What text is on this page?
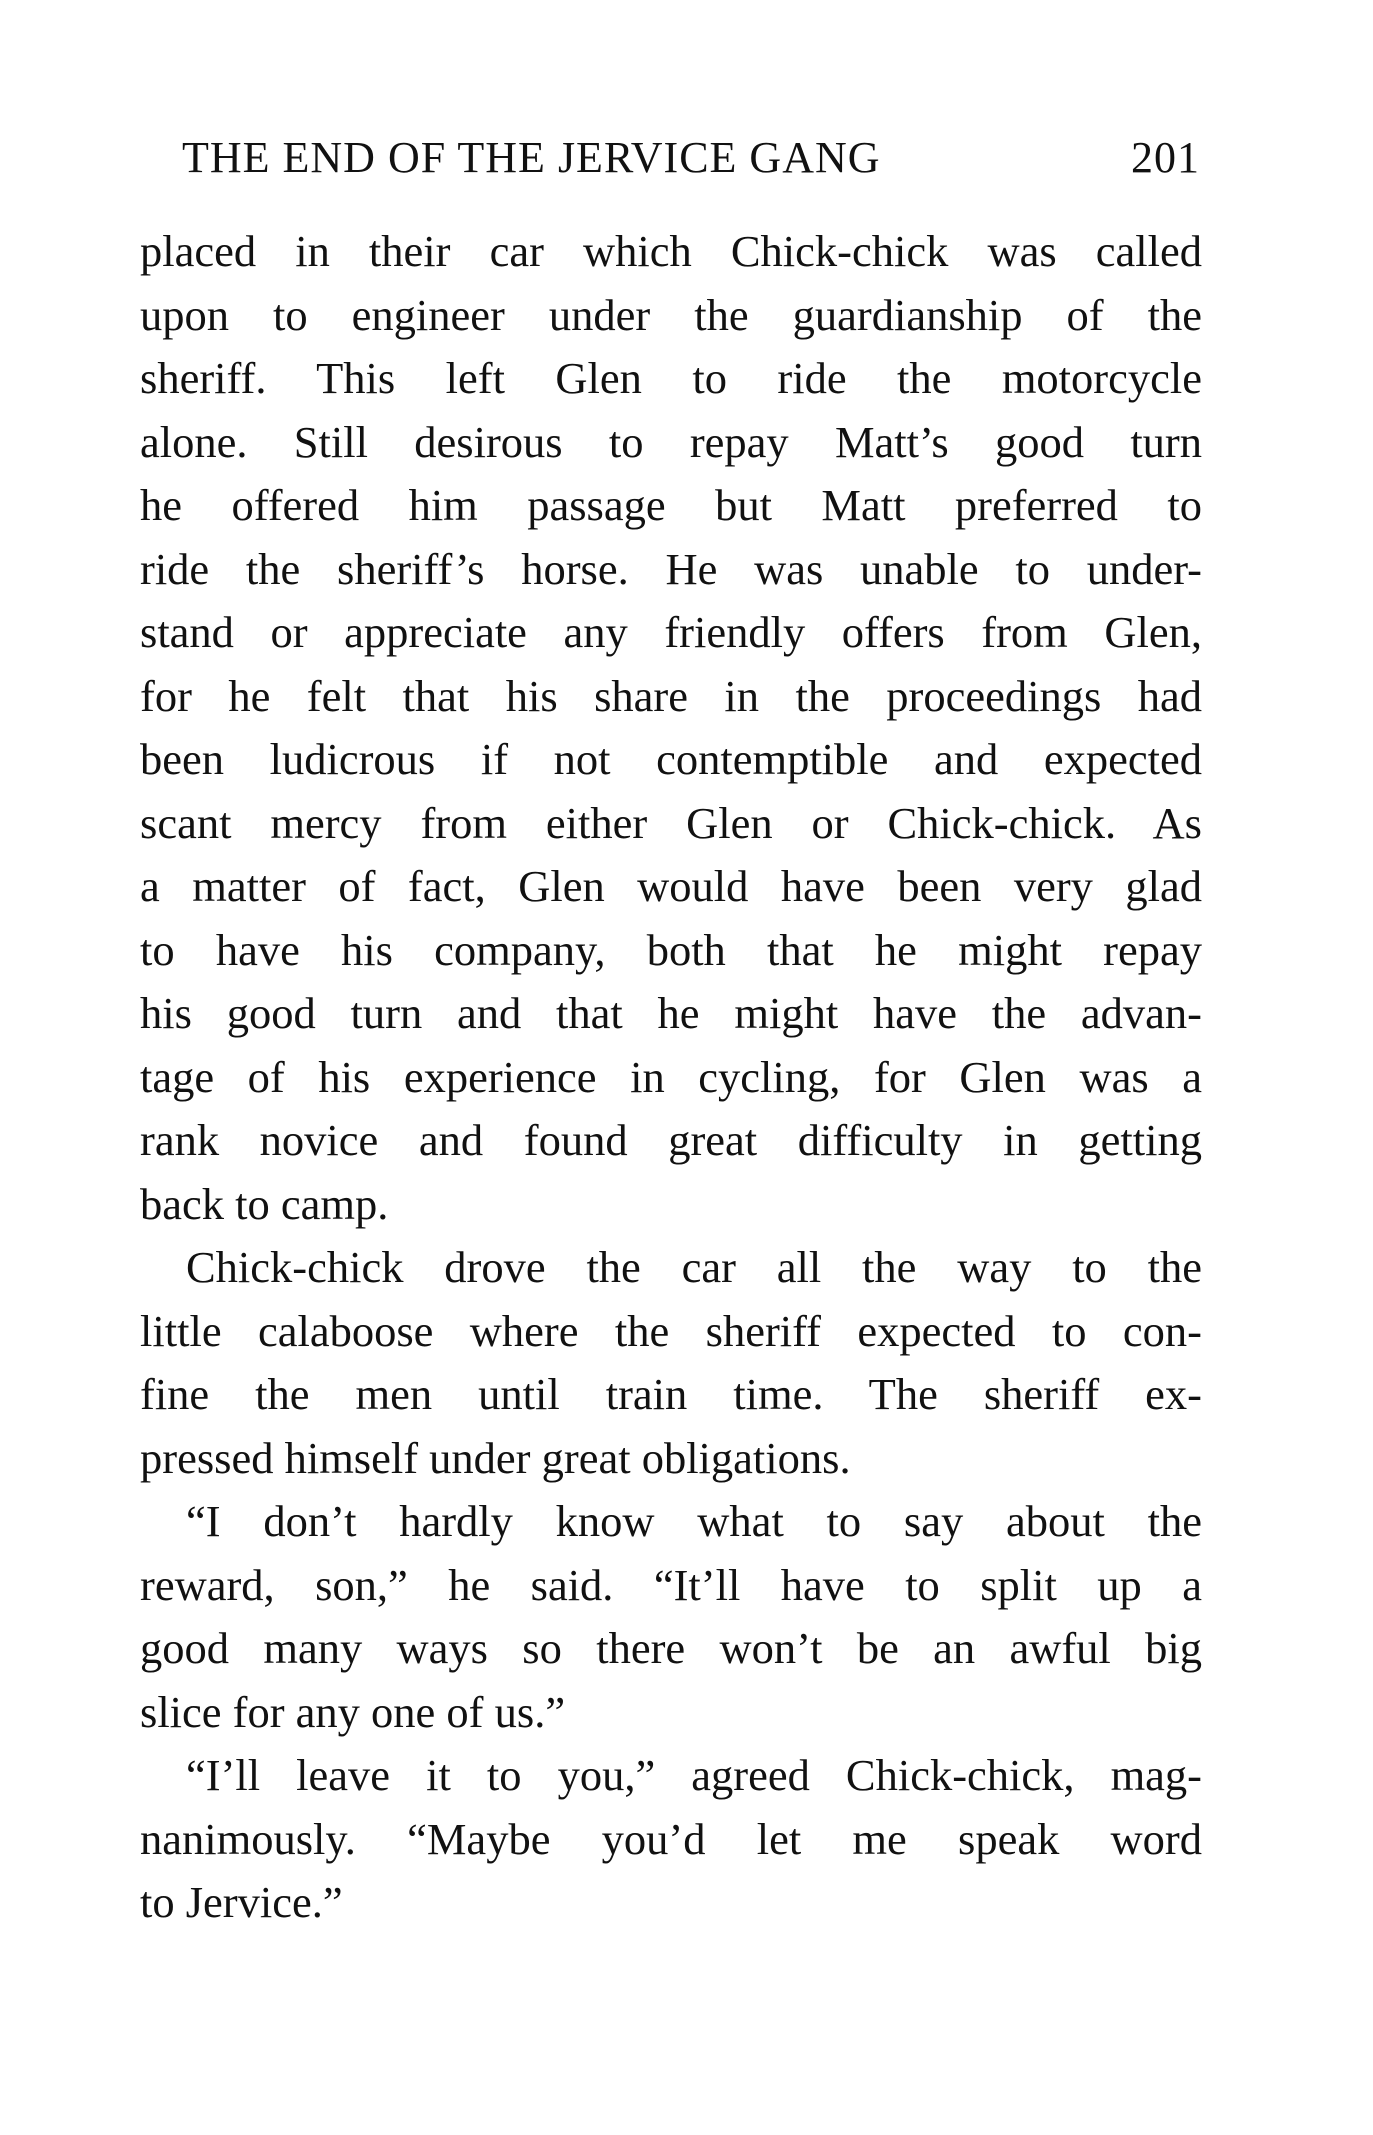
THE END OF THE JERVICE GANG	201
placed in their car which Chick-chick was called
upon to engineer under the guardianship of the
sheriff. This left Glen to ride the motorcycle
alone. Still desirous to repay Matt’s good turn
he offered him passage but Matt preferred to
ride the sheriff’s horse. He was unable to under-
stand or appreciate any friendly offers from Glen,
for he felt that his share in the proceedings had
been ludicrous if not contemptible and expected
scant mercy from either Glen or Chick-chick. As
a matter of fact, Glen would have been very glad
to have his company, both that he might repay
his good turn and that he might have the advan-
tage of his experience in cycling, for Glen was a
rank novice and found great difficulty in getting
back to camp.
Chick-chick drove the car all the way to the
little calaboose where the sheriff expected to con-
fine the men until train time. The sheriff ex-
pressed himself under great obligations.
“I don’t hardly know what to say about the
reward, son,” he said. “It’ll have to split up a
good many ways so there won’t be an awful big
slice for any one of us.”
“I’ll leave it to you,” agreed Chick-chick, mag-
nanimously. “Maybe you’d let me speak word
to Jervice.”
